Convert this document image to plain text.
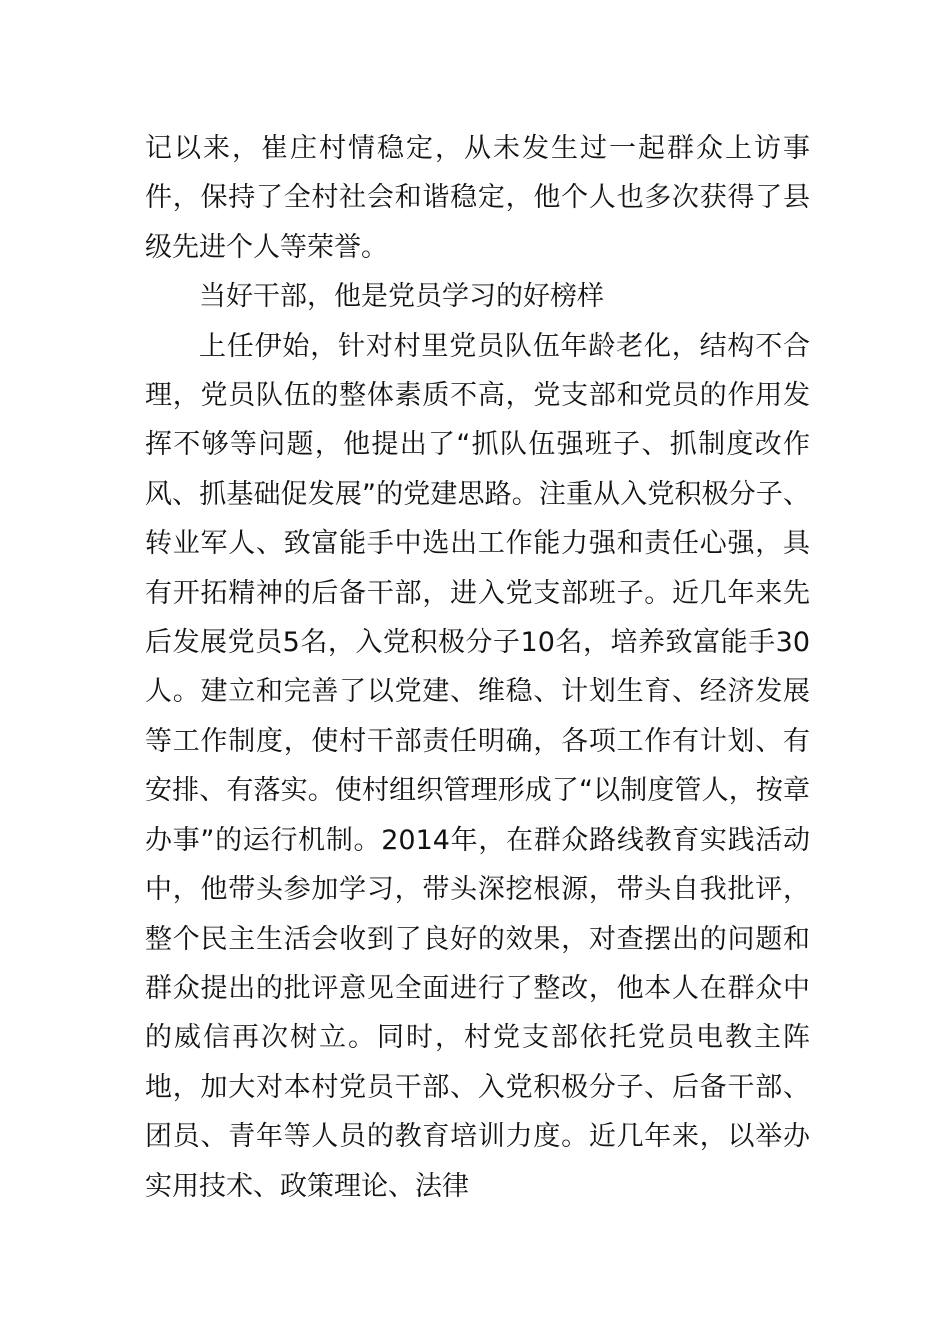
记以来，崔庄村情稳定，从未发生过一起群众上访事件，保持了全村社会和谐稳定，他个人也多次获得了县级先进个人等荣誉。

当好干部，他是党员学习的好榜样

上任伊始，针对村里党员队伍年龄老化，结构不合理，党员队伍的整体素质不高，党支部和党员的作用发挥不够等问题，他提出了“抓队伍强班子、抓制度改作风、抓基础促发展”的党建思路。注重从入党积极分子、转业军人、致富能手中选出工作能力强和责任心强，具有开拓精神的后备干部，进入党支部班子。近几年来先后发展党员5名，入党积极分子10名，培养致富能手30人。建立和完善了以党建、维稳、计划生育、经济发展等工作制度，使村干部责任明确，各项工作有计划、有安排、有落实。使村组织管理形成了“以制度管人，按章办事”的运行机制。2014年，在群众路线教育实践活动中，他带头参加学习，带头深挖根源，带头自我批评，整个民主生活会收到了良好的效果，对查摆出的问题和群众提出的批评意见全面进行了整改，他本人在群众中的威信再次树立。同时，村党支部依托党员电教主阵地，加大对本村党员干部、入党积极分子、后备干部、团员、青年等人员的教育培训力度。近几年来，以举办实用技术、政策理论、法律
